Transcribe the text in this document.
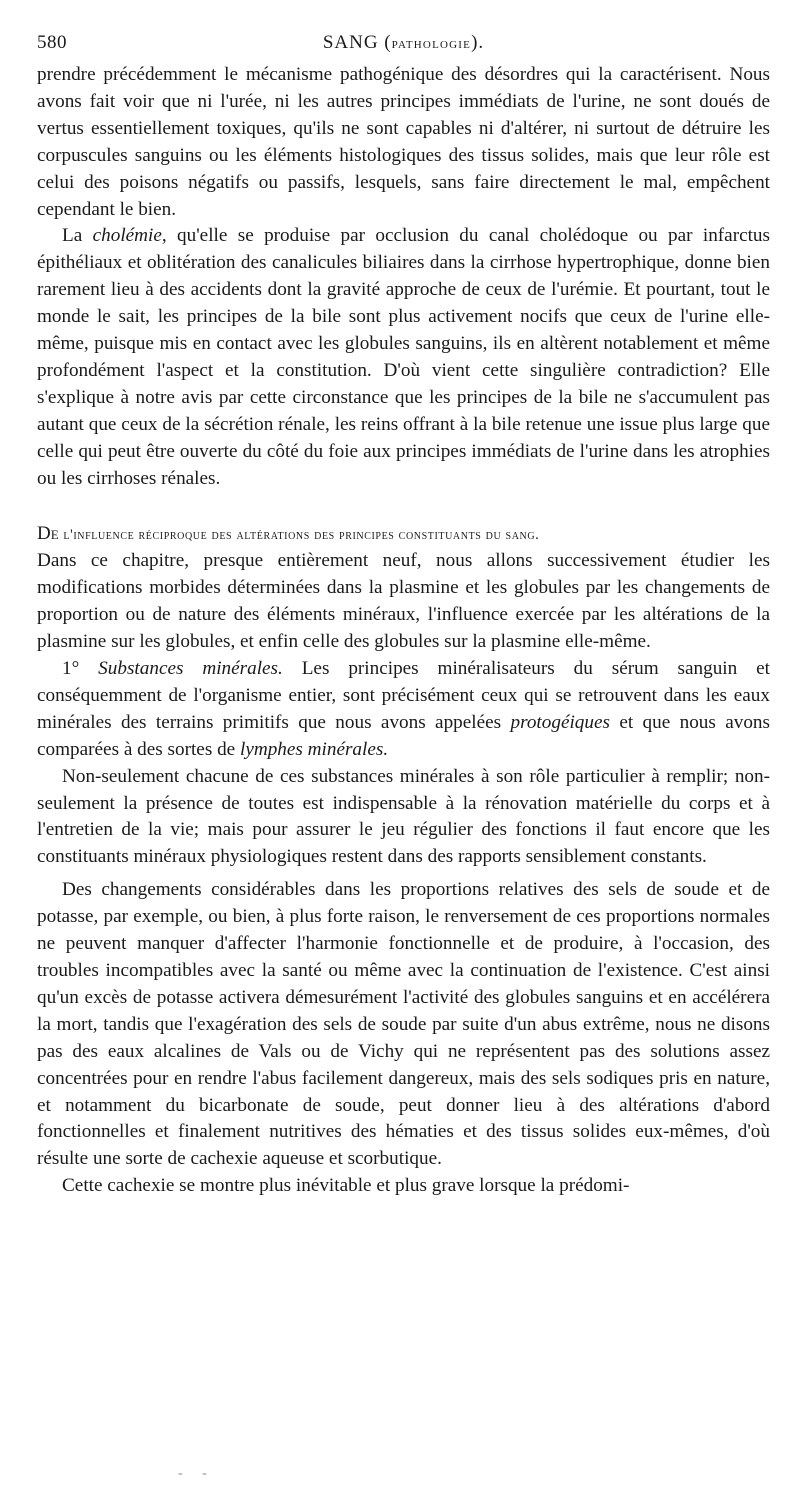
580	SANG (pathologie).

prendre précédemment le mécanisme pathogénique des désordres qui la caractérisent. Nous avons fait voir que ni l'urée, ni les autres principes immédiats de l'urine, ne sont doués de vertus essentiellement toxiques, qu'ils ne sont capables ni d'altérer, ni surtout de détruire les corpuscules sanguins ou les éléments histologiques des tissus solides, mais que leur rôle est celui des poisons négatifs ou passifs, lesquels, sans faire directement le mal, empêchent cependant le bien.

La cholémie, qu'elle se produise par occlusion du canal cholédoque ou par infarctus épithéliaux et oblitération des canalicules biliaires dans la cirrhose hypertrophique, donne bien rarement lieu à des accidents dont la gravité approche de ceux de l'urémie. Et pourtant, tout le monde le sait, les principes de la bile sont plus activement nocifs que ceux de l'urine elle-même, puisque mis en contact avec les globules sanguins, ils en altèrent notablement et même profondément l'aspect et la constitution. D'où vient cette singulière contradiction? Elle s'explique à notre avis par cette circonstance que les principes de la bile ne s'accumulent pas autant que ceux de la sécrétion rénale, les reins offrant à la bile retenue une issue plus large que celle qui peut être ouverte du côté du foie aux principes immédiats de l'urine dans les atrophies ou les cirrhoses rénales.

De l'influence réciproque des altérations des principes constituants du sang.

Dans ce chapitre, presque entièrement neuf, nous allons successivement étudier les modifications morbides déterminées dans la plasmine et les globules par les changements de proportion ou de nature des éléments minéraux, l'influence exercée par les altérations de la plasmine sur les globules, et enfin celle des globules sur la plasmine elle-même.

1° Substances minérales. Les principes minéralisateurs du sérum sanguin et conséquemment de l'organisme entier, sont précisément ceux qui se retrouvent dans les eaux minérales des terrains primitifs que nous avons appelées protogéiques et que nous avons comparées à des sortes de lymphes minérales.

Non-seulement chacune de ces substances minérales à son rôle particulier à remplir; non-seulement la présence de toutes est indispensable à la rénovation matérielle du corps et à l'entretien de la vie; mais pour assurer le jeu régulier des fonctions il faut encore que les constituants minéraux physiologiques restent dans des rapports sensiblement constants.

Des changements considérables dans les proportions relatives des sels de soude et de potasse, par exemple, ou bien, à plus forte raison, le renversement de ces proportions normales ne peuvent manquer d'affecter l'harmonie fonctionnelle et de produire, à l'occasion, des troubles incompatibles avec la santé ou même avec la continuation de l'existence. C'est ainsi qu'un excès de potasse activera démesurément l'activité des globules sanguins et en accélérera la mort, tandis que l'exagération des sels de soude par suite d'un abus extrême, nous ne disons pas des eaux alcalines de Vals ou de Vichy qui ne représentent pas des solutions assez concentrées pour en rendre l'abus facilement dangereux, mais des sels sodiques pris en nature, et notamment du bicarbonate de soude, peut donner lieu à des altérations d'abord fonctionnelles et finalement nutritives des hématies et des tissus solides eux-mêmes, d'où résulte une sorte de cachexie aqueuse et scorbutique.

Cette cachexie se montre plus inévitable et plus grave lorsque la prédomi-

- -
